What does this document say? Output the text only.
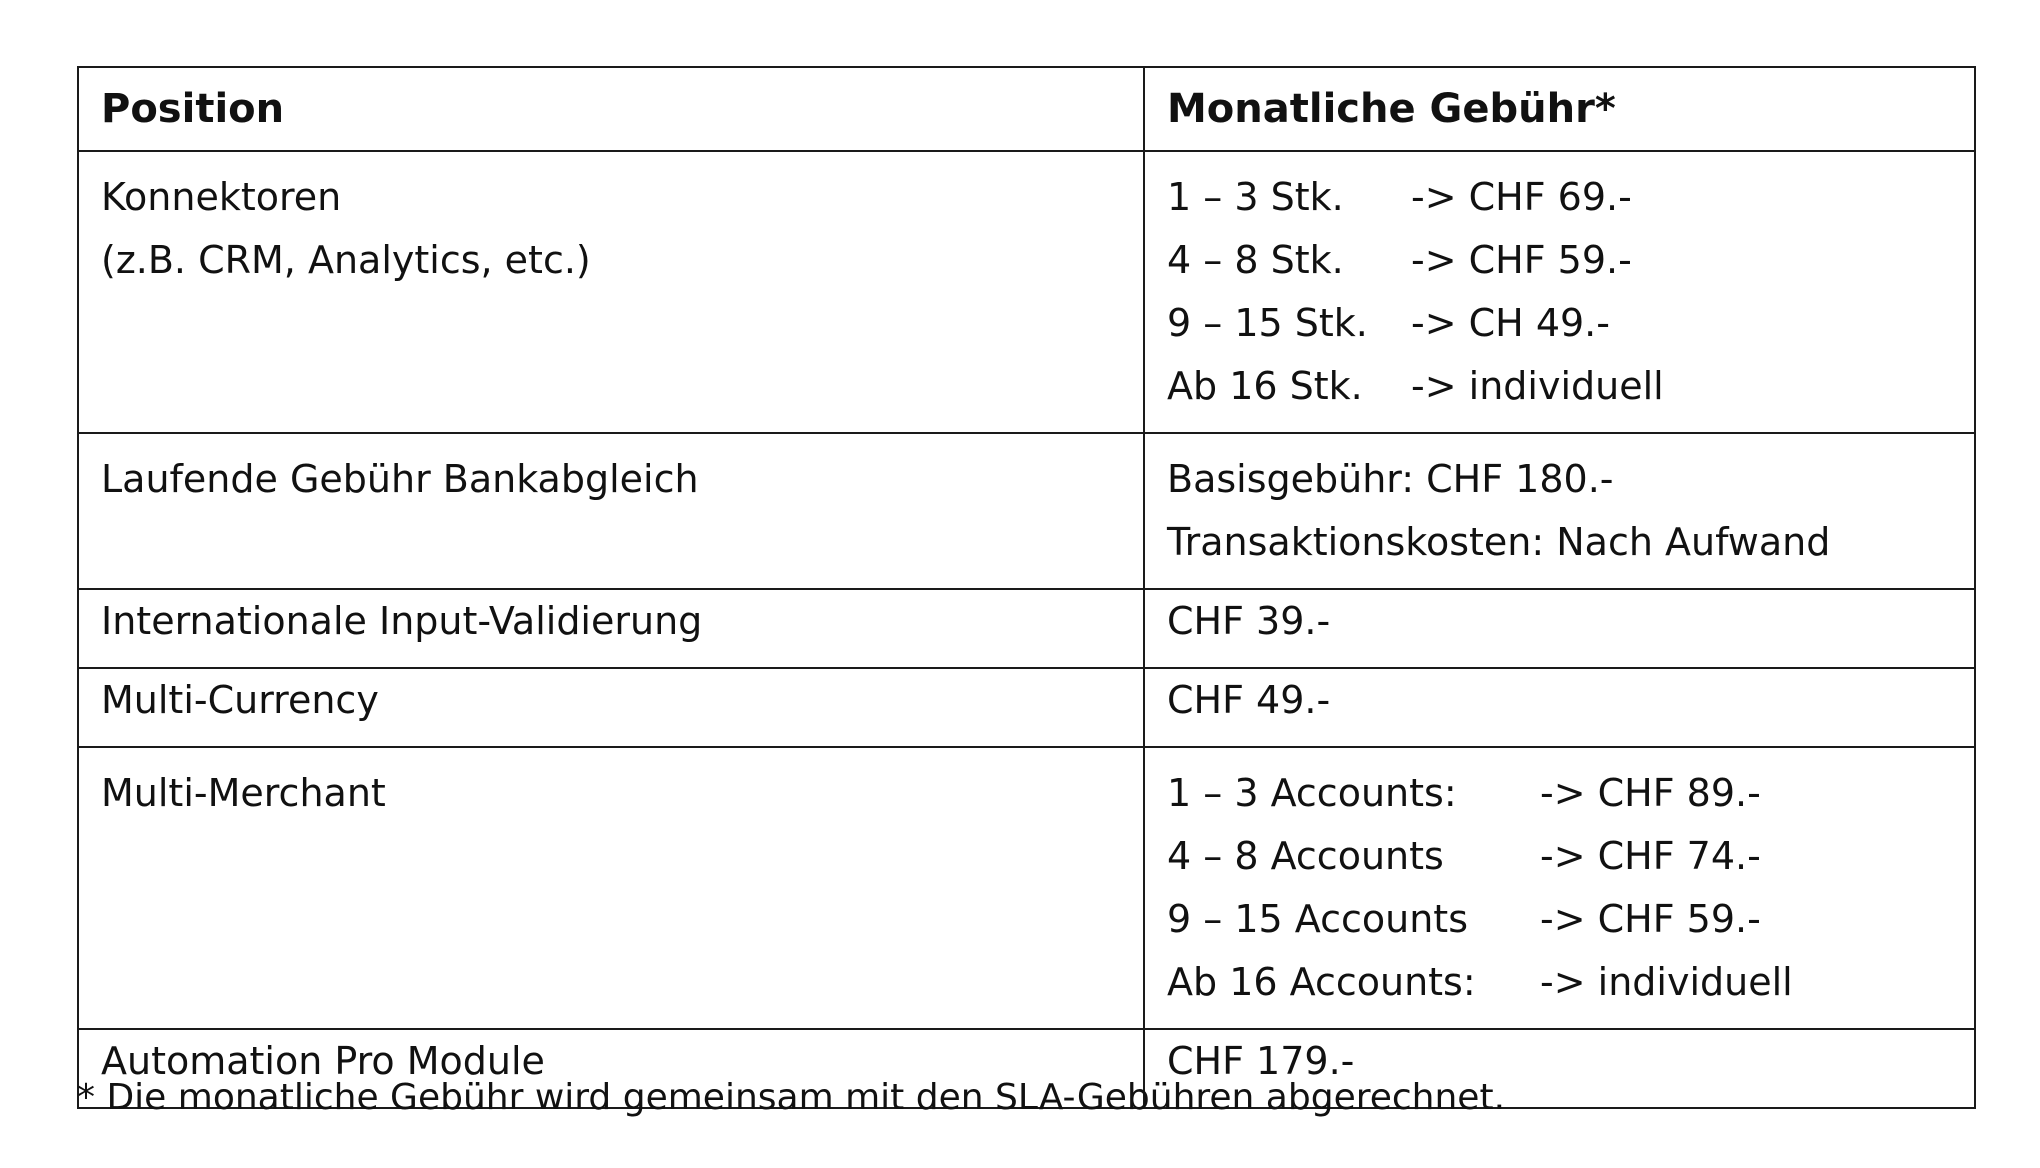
Position	Monatliche Gebühr*

Konnektoren
(z.B. CRM, Analytics, etc.)	1 – 3 Stk. -> CHF 69.-
4 – 8 Stk. -> CHF 59.-
9 – 15 Stk. -> CH 49.-
Ab 16 Stk. -> individuell

Laufende Gebühr Bankabgleich	Basisgebühr: CHF 180.-
Transaktionskosten: Nach Aufwand

Internationale Input-Validierung	CHF 39.-
Multi-Currency	CHF 49.-

Multi-Merchant	1 – 3 Accounts: -> CHF 89.-
4 – 8 Accounts -> CHF 74.-
9 – 15 Accounts -> CHF 59.-
Ab 16 Accounts: -> individuell

Automation Pro Module	CHF 179.-
* Die monatliche Gebühr wird gemeinsam mit den SLA-Gebühren abgerechnet.
